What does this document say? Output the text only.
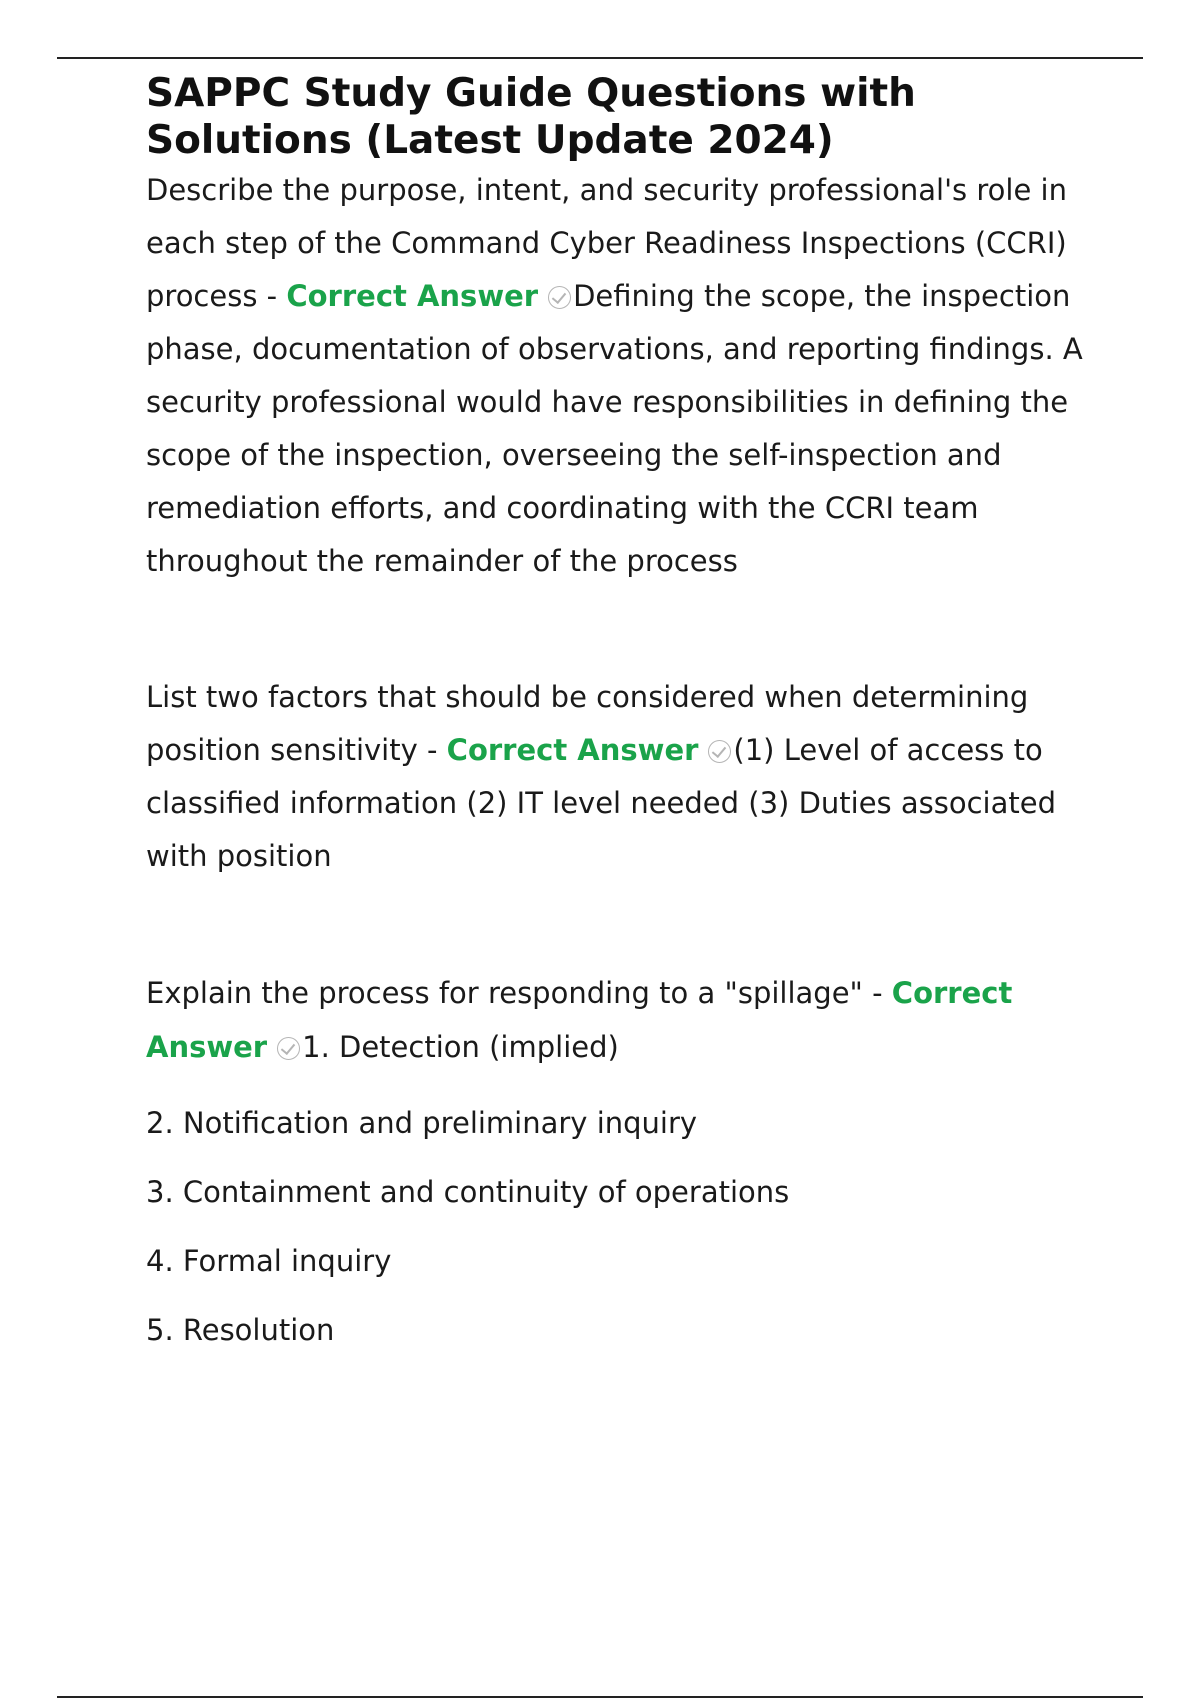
SAPPC Study Guide Questions with Solutions (Latest Update 2024)
Describe the purpose, intent, and security professional's role in each step of the Command Cyber Readiness Inspections (CCRI) process - Correct Answer Defining the scope, the inspection phase, documentation of observations, and reporting findings. A security professional would have responsibilities in defining the scope of the inspection, overseeing the self-inspection and remediation efforts, and coordinating with the CCRI team throughout the remainder of the process
List two factors that should be considered when determining position sensitivity - Correct Answer (1) Level of access to classified information (2) IT level needed (3) Duties associated with position
Explain the process for responding to a "spillage" - Correct Answer 1. Detection (implied)

2. Notification and preliminary inquiry

3. Containment and continuity of operations

4. Formal inquiry

5. Resolution
